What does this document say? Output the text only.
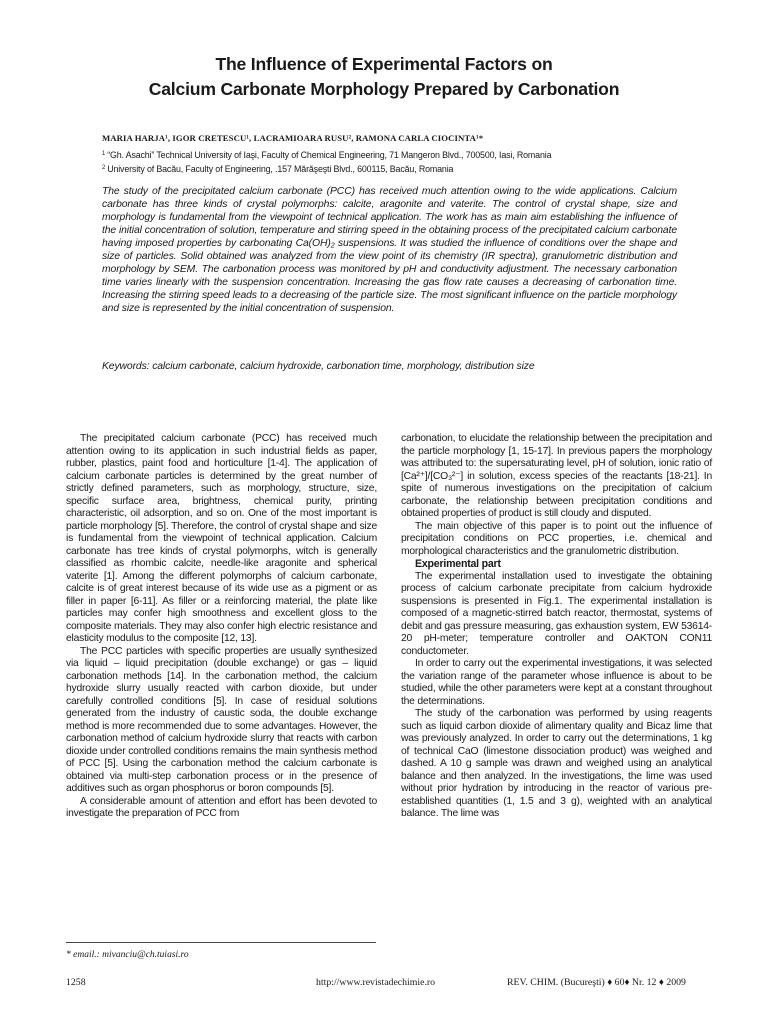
The Influence of Experimental Factors on
Calcium Carbonate Morphology Prepared by Carbonation
MARIA HARJA¹, IGOR CRETESCU¹, LACRAMIOARA RUSU², RAMONA CARLA CIOCINTA¹*
$^1$ “Gh. Asachi” Technical University of Iaşi, Faculty of Chemical Engineering, 71 Mangeron Blvd., 700500, Iasi, Romania
$^2$ University of Bacău, Faculty of Engineering, .157 Mărăşeşti Blvd., 600115, Bacău, Romania

The study of the precipitated calcium carbonate (PCC) has received much attention owing to the wide applications. Calcium carbonate has three kinds of crystal polymorphs: calcite, aragonite and vaterite. The control of crystal shape, size and morphology is fundamental from the viewpoint of technical application. The work has as main aim establishing the influence of the initial concentration of solution, temperature and stirring speed in the obtaining process of the precipitated calcium carbonate having imposed properties by carbonating Ca(OH)₂ suspensions. It was studied the influence of conditions over the shape and size of particles. Solid obtained was analyzed from the view point of its chemistry (IR spectra), granulometric distribution and morphology by SEM. The carbonation process was monitored by pH and conductivity adjustment. The necessary carbonation time varies linearly with the suspension concentration. Increasing the gas flow rate causes a decreasing of carbonation time. Increasing the stirring speed leads to a decreasing of the particle size. The most significant influence on the particle morphology and size is represented by the initial concentration of suspension.

Keywords: calcium carbonate, calcium hydroxide, carbonation time, morphology, distribution size

The precipitated calcium carbonate (PCC) has received much attention owing to its application in such industrial fields as paper, rubber, plastics, paint food and horticulture [1-4]. The application of calcium carbonate particles is determined by the great number of strictly defined parameters, such as morphology, structure, size, specific surface area, brightness, chemical purity, printing characteristic, oil adsorption, and so on. One of the most important is particle morphology [5]. Therefore, the control of crystal shape and size is fundamental from the viewpoint of technical application. Calcium carbonate has tree kinds of crystal polymorphs, witch is generally classified as rhombic calcite, needle-like aragonite and spherical vaterite [1]. Among the different polymorphs of calcium carbonate, calcite is of great interest because of its wide use as a pigment or as filler in paper [6-11]. As filler or a reinforcing material, the plate like particles may confer high smoothness and excellent gloss to the composite materials. They may also confer high electric resistance and elasticity modulus to the composite [12, 13].

The PCC particles with specific properties are usually synthesized via liquid – liquid precipitation (double exchange) or gas – liquid carbonation methods [14]. In the carbonation method, the calcium hydroxide slurry usually reacted with carbon dioxide, but under carefully controlled conditions [5]. In case of residual solutions generated from the industry of caustic soda, the double exchange method is more recommended due to some advantages. However, the carbonation method of calcium hydroxide slurry that reacts with carbon dioxide under controlled conditions remains the main synthesis method of PCC [5]. Using the carbonation method the calcium carbonate is obtained via multi-step carbonation process or in the presence of additives such as organ phosphorus or boron compounds [5].

A considerable amount of attention and effort has been devoted to investigate the preparation of PCC from

carbonation, to elucidate the relationship between the precipitation and the particle morphology [1, 15-17]. In previous papers the morphology was attributed to: the supersaturating level, pH of solution, ionic ratio of [Ca²⁺]/[CO₃²⁻] in solution, excess species of the reactants [18-21]. In spite of numerous investigations on the precipitation of calcium carbonate, the relationship between precipitation conditions and obtained properties of product is still cloudy and disputed.

The main objective of this paper is to point out the influence of precipitation conditions on PCC properties, i.e. chemical and morphological characteristics and the granulometric distribution.

Experimental part

The experimental installation used to investigate the obtaining process of calcium carbonate precipitate from calcium hydroxide suspensions is presented in Fig.1. The experimental installation is composed of a magnetic-stirred batch reactor, thermostat, systems of debit and gas pressure measuring, gas exhaustion system, EW 53614-20 pH-meter; temperature controller and OAKTON CON11 conductometer.

In order to carry out the experimental investigations, it was selected the variation range of the parameter whose influence is about to be studied, while the other parameters were kept at a constant throughout the determinations.

The study of the carbonation was performed by using reagents such as liquid carbon dioxide of alimentary quality and Bicaz lime that was previously analyzed. In order to carry out the determinations, 1 kg of technical CaO (limestone dissociation product) was weighed and dashed. A 10 g sample was drawn and weighed using an analytical balance and then analyzed. In the investigations, the lime was used without prior hydration by introducing in the reactor of various pre-established quantities (1, 1.5 and 3 g), weighted with an analytical balance. The lime was

* email.: mivanciu@ch.tuiasi.ro
1258	http://www.revistadechimie.ro	REV. CHIM. (Bucureşti) ♦ 60♦ Nr. 12 ♦ 2009
